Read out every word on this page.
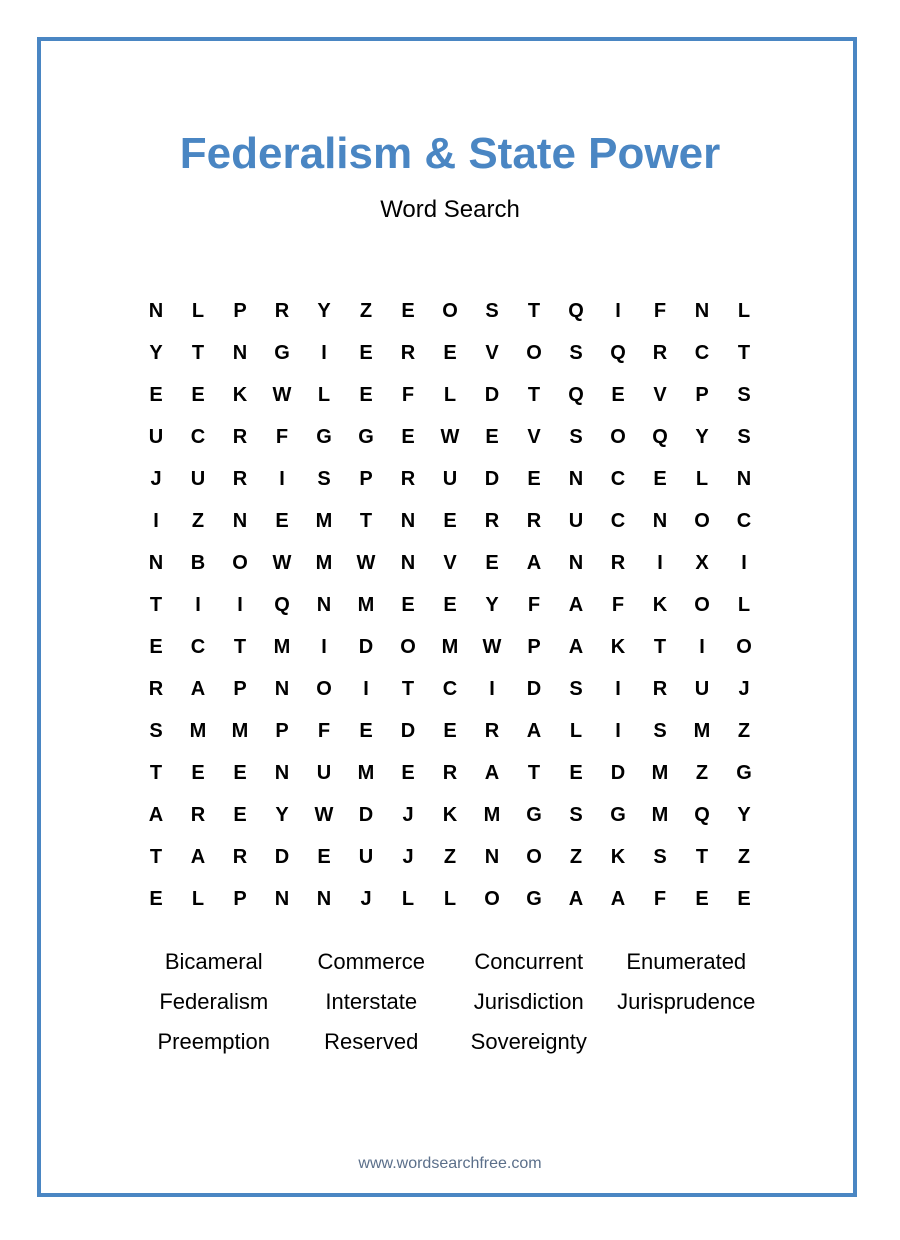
Federalism & State Power
Word Search
N	L	P	R	Y	Z	E	O	S	T	Q	I	F	N	L
Y	T	N	G	I	E	R	E	V	O	S	Q	R	C	T
E	E	K	W	L	E	F	L	D	T	Q	E	V	P	S
U	C	R	F	G	G	E	W	E	V	S	O	Q	Y	S
J	U	R	I	S	P	R	U	D	E	N	C	E	L	N
I	Z	N	E	M	T	N	E	R	R	U	C	N	O	C
N	B	O	W	M	W	N	V	E	A	N	R	I	X	I
T	I	I	Q	N	M	E	E	Y	F	A	F	K	O	L
E	C	T	M	I	D	O	M	W	P	A	K	T	I	O
R	A	P	N	O	I	T	C	I	D	S	I	R	U	J
S	M	M	P	F	E	D	E	R	A	L	I	S	M	Z
T	E	E	N	U	M	E	R	A	T	E	D	M	Z	G
A	R	E	Y	W	D	J	K	M	G	S	G	M	Q	Y
T	A	R	D	E	U	J	Z	N	O	Z	K	S	T	Z
E	L	P	N	N	J	L	L	O	G	A	A	F	E	E
Bicameral	Commerce	Concurrent	Enumerated
Federalism	Interstate	Jurisdiction	Jurisprudence
Preemption	Reserved	Sovereignty
www.wordsearchfree.com
